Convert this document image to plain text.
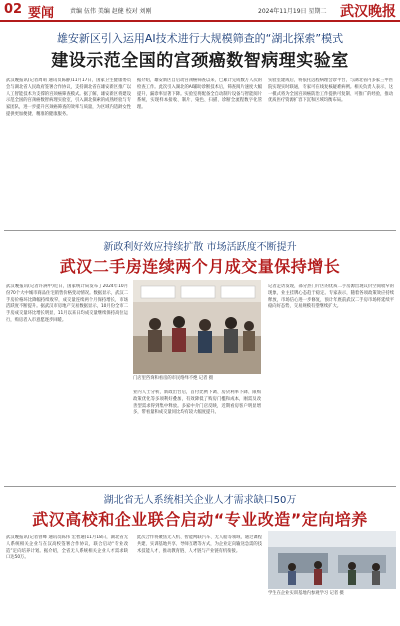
02 要闻	责编 伍伟 美编 赵健 校对 刘刚	2024年11月19日 星期二 武汉晚报
雄安新区引入运用AI技术进行大规模筛查的“湖北探索”模式
建设示范全国的宫颈癌数智病理实验室
武汉晚报讯(记者周萌 通讯员陈静)11月17日，国家卫生健康委员会与湖北省人民政府签署合作协议，支持湖北省在雄安新区推广以人工智能技术为支撑的宫颈癌筛查模式。据了解，雄安新区将建设示范全国的宫颈癌数智病理实验室，引入湖北探索的成熟经验与专家团队，进一步提升宫颈癌筛查的效率与质量，为区域内适龄女性提供更加便捷、精准的健康服务。
据介绍，雄安新区自启动宫颈癌筛查以来，已累计完成数万人次的检查工作。此次引入湖北的AI辅助诊断技术后，筛查阅片速度大幅提升，漏诊率显著下降。实验室将配备全自动制片设备与智能阅片系统，实现样本接收、制片、染色、扫描、诊断全流程数字化管理。
实验室建成后，将依托远程病理会诊平台，与湖北省内多家三甲医院实现实时联通，专家可在线复核疑难病例。相关负责人表示，这一模式将为全国宫颈癌防治工作提供可复制、可推广的经验，推动优质医疗资源扩容下沉和区域均衡布局。
新政利好效应持续扩散 市场活跃度不断提升
武汉二手房连续两个月成交量保持增长
武汉晚报讯(记者许满中)近日，国家统计局发布了2024年10月份70个大中城市商品住宅销售价格变动情况。数据显示，武汉二手房价格环比降幅持续收窄，成交量连续两个月保持增长，市场活跃度不断提升。据武汉市房地产交易数据显示，10月份全市二手房成交量环比增长明显，11月以来日均成交量继续保持高位运行，购房者入市意愿逐步回暖。
门店里咨询和看房的市民络绎不绝 记者 摄
业内人士分析，新政出台后，首付比例下调、房贷利率下降、限购政策优化等多项利好叠加，有效降低了购房门槛和成本，刚需及改善型需求得到集中释放。多家中介门店反映，近期看房客户明显增多，带看量和成交量同比均有较大幅度提升。
记者走访发现，部分热门片区的优质二手房源出现议价空间收窄的现象，业主挂牌心态趋于稳定。专家表示，随着各项政策效应持续释放，市场信心进一步修复，预计年底前武汉二手房市场将延续平稳向好态势，交易规模有望继续扩大。
湖北省无人系统相关企业人才需求缺口50万
武汉高校和企业联合启动“专业改造”定向培养
武汉晚报讯(记者曾峰 通讯员陈伟 宏智通)11月18日，湖北省无人系统相关企业与在汉高校签署合作协议，联合启动“专业改造”定向培养计划。据介绍，全省无人系统相关企业人才需求缺口达50万。
此次合作将聚焦无人机、智能网联汽车、无人船等领域，通过课程共建、实训基地共享、导师互聘等方式，为企业定向输送急需的技术技能人才，推动教育链、人才链与产业链有机衔接。
学生在企业实训基地内参观学习 记者 摄
